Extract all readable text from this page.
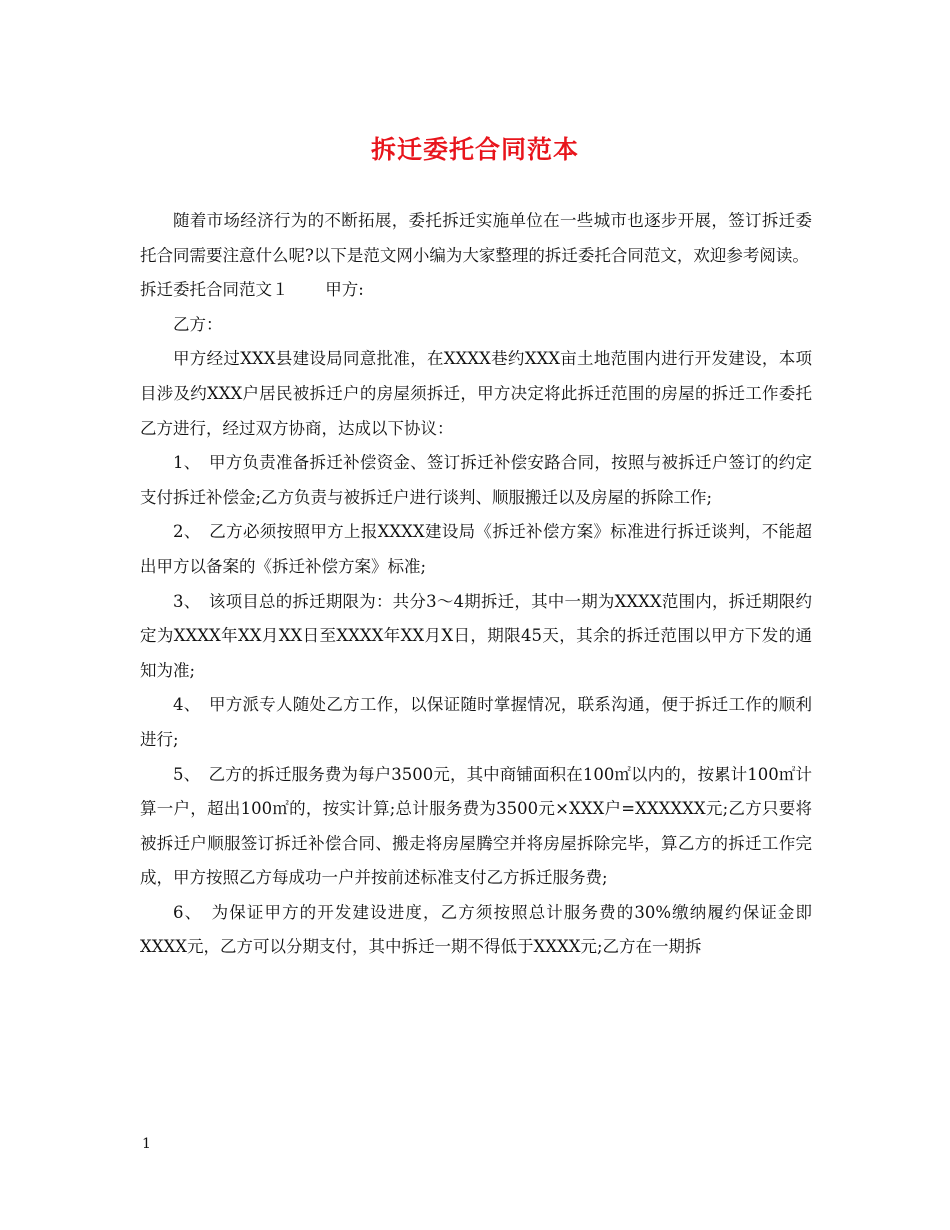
拆迁委托合同范本

随着市场经济行为的不断拓展，委托拆迁实施单位在一些城市也逐步开展，签订拆迁委托合同需要注意什么呢?以下是范文网小编为大家整理的拆迁委托合同范文，欢迎参考阅读。

拆迁委托合同范文１ 甲方:

乙方：

甲方经过XXX县建设局同意批准，在XXXX巷约XXX亩土地范围内进行开发建设，本项目涉及约XXX户居民被拆迁户的房屋须拆迁，甲方决定将此拆迁范围的房屋的拆迁工作委托乙方进行，经过双方协商，达成以下协议：

1、　甲方负责准备拆迁补偿资金、签订拆迁补偿安路合同，按照与被拆迁户签订的约定支付拆迁补偿金;乙方负责与被拆迁户进行谈判、顺服搬迁以及房屋的拆除工作;

2、　乙方必须按照甲方上报XXXX建设局《拆迁补偿方案》标准进行拆迁谈判，不能超出甲方以备案的《拆迁补偿方案》标准;

3、　该项目总的拆迁期限为：共分3～4期拆迁，其中一期为XXXX范围内，拆迁期限约定为XXXX年XX月XX日至XXXX年XX月X日，期限45天，其余的拆迁范围以甲方下发的通知为准;

4、　甲方派专人随处乙方工作，以保证随时掌握情况，联系沟通，便于拆迁工作的顺利进行;

5、　乙方的拆迁服务费为每户3500元，其中商铺面积在100㎡以内的，按累计100㎡计算一户，超出100㎡的，按实计算;总计服务费为3500元×XXX户=XXXXXX元;乙方只要将被拆迁户顺服签订拆迁补偿合同、搬走将房屋腾空并将房屋拆除完毕，算乙方的拆迁工作完成，甲方按照乙方每成功一户并按前述标准支付乙方拆迁服务费;

6、　为保证甲方的开发建设进度，乙方须按照总计服务费的30%缴纳履约保证金即XXXX元，乙方可以分期支付，其中拆迁一期不得低于XXXX元;乙方在一期拆

1
